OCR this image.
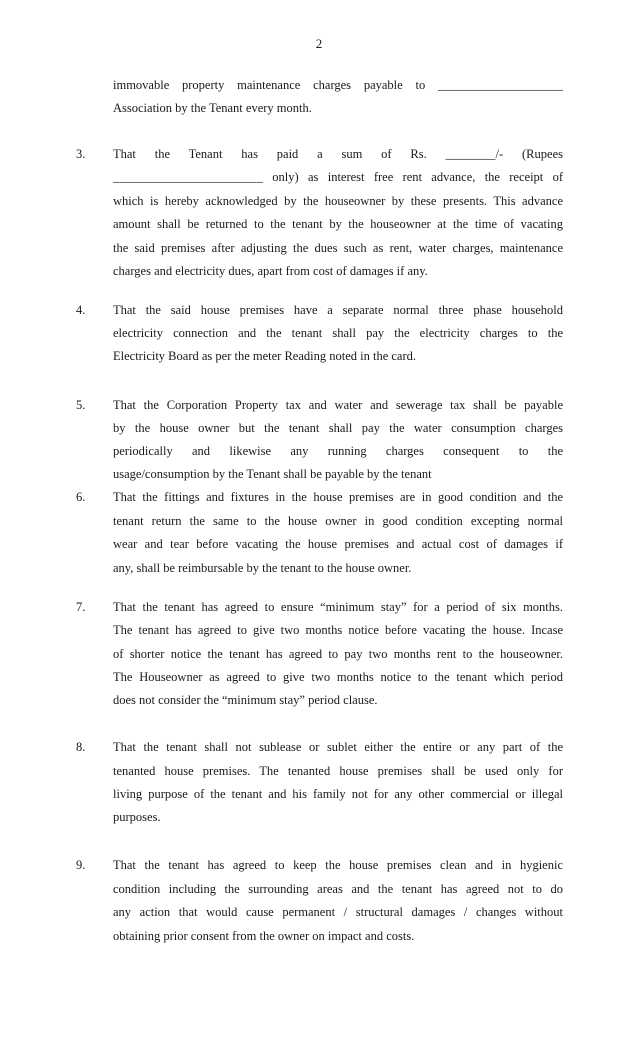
2
immovable property maintenance charges payable to ____________________
Association by the Tenant every month.
3. That the Tenant has paid a sum of Rs. ________/- (Rupees
________________________ only) as interest free rent advance, the receipt of
which is hereby acknowledged by the houseowner by these presents. This advance
amount shall be returned to the tenant by the houseowner at the time of vacating
the said premises after adjusting the dues such as rent, water charges, maintenance
charges and electricity dues, apart from cost of damages if any.
4. That the said house premises have a separate normal three phase household
electricity connection and the tenant shall pay the electricity charges to the
Electricity Board as per the meter Reading noted in the card.
5. That the Corporation Property tax and water and sewerage tax shall be payable
by the house owner but the tenant shall pay the water consumption charges
periodically and likewise any running charges consequent to the
usage/consumption by the Tenant shall be payable by the tenant
6. That the fittings and fixtures in the house premises are in good condition and the
tenant return the same to the house owner in good condition excepting normal
wear and tear before vacating the house premises and actual cost of damages if
any, shall be reimbursable by the tenant to the house owner.
7. That the tenant has agreed to ensure “minimum stay” for a period of six months.
The tenant has agreed to give two months notice before vacating the house. Incase
of shorter notice the tenant has agreed to pay two months rent to the houseowner.
The Houseowner as agreed to give two months notice to the tenant which period
does not consider the “minimum stay” period clause.
8. That the tenant shall not sublease or sublet either the entire or any part of the
tenanted house premises. The tenanted house premises shall be used only for
living purpose of the tenant and his family not for any other commercial or illegal
purposes.
9. That the tenant has agreed to keep the house premises clean and in hygienic
condition including the surrounding areas and the tenant has agreed not to do
any action that would cause permanent / structural damages / changes without
obtaining prior consent from the owner on impact and costs.
